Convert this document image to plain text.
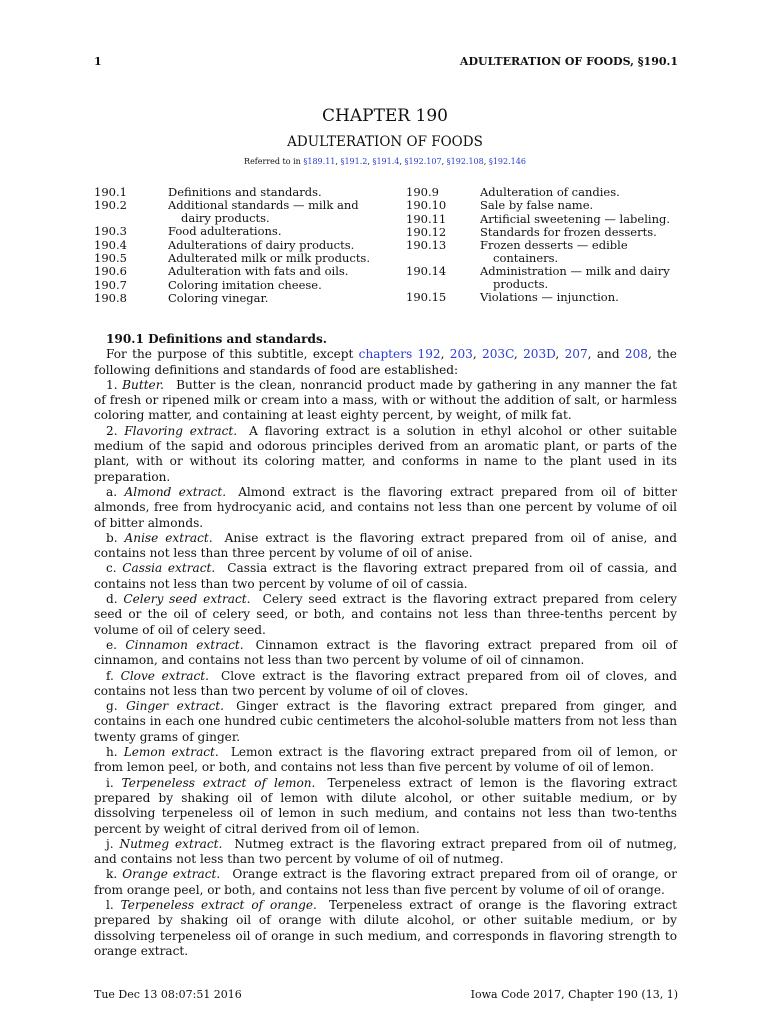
1	ADULTERATION OF FOODS, §190.1
CHAPTER 190
ADULTERATION OF FOODS
Referred to in §189.11, §191.2, §191.4, §192.107, §192.108, §192.146
190.1	Definitions and standards.
190.2	Additional standards — milk and dairy products.
190.3	Food adulterations.
190.4	Adulterations of dairy products.
190.5	Adulterated milk or milk products.
190.6	Adulteration with fats and oils.
190.7	Coloring imitation cheese.
190.8	Coloring vinegar.
190.9	Adulteration of candies.
190.10	Sale by false name.
190.11	Artificial sweetening — labeling.
190.12	Standards for frozen desserts.
190.13	Frozen desserts — edible containers.
190.14	Administration — milk and dairy products.
190.15	Violations — injunction.

190.1 Definitions and standards.

For the purpose of this subtitle, except chapters 192, 203, 203C, 203D, 207, and 208, the following definitions and standards of food are established:

1. Butter.  Butter is the clean, nonrancid product made by gathering in any manner the fat of fresh or ripened milk or cream into a mass, with or without the addition of salt, or harmless coloring matter, and containing at least eighty percent, by weight, of milk fat.

2. Flavoring extract.  A flavoring extract is a solution in ethyl alcohol or other suitable medium of the sapid and odorous principles derived from an aromatic plant, or parts of the plant, with or without its coloring matter, and conforms in name to the plant used in its preparation.

a. Almond extract.  Almond extract is the flavoring extract prepared from oil of bitter almonds, free from hydrocyanic acid, and contains not less than one percent by volume of oil of bitter almonds.

b. Anise extract.  Anise extract is the flavoring extract prepared from oil of anise, and contains not less than three percent by volume of oil of anise.

c. Cassia extract.  Cassia extract is the flavoring extract prepared from oil of cassia, and contains not less than two percent by volume of oil of cassia.

d. Celery seed extract.  Celery seed extract is the flavoring extract prepared from celery seed or the oil of celery seed, or both, and contains not less than three-tenths percent by volume of oil of celery seed.

e. Cinnamon extract.  Cinnamon extract is the flavoring extract prepared from oil of cinnamon, and contains not less than two percent by volume of oil of cinnamon.

f. Clove extract.  Clove extract is the flavoring extract prepared from oil of cloves, and contains not less than two percent by volume of oil of cloves.

g. Ginger extract.  Ginger extract is the flavoring extract prepared from ginger, and contains in each one hundred cubic centimeters the alcohol-soluble matters from not less than twenty grams of ginger.

h. Lemon extract.  Lemon extract is the flavoring extract prepared from oil of lemon, or from lemon peel, or both, and contains not less than five percent by volume of oil of lemon.

i. Terpeneless extract of lemon.  Terpeneless extract of lemon is the flavoring extract prepared by shaking oil of lemon with dilute alcohol, or other suitable medium, or by dissolving terpeneless oil of lemon in such medium, and contains not less than two-tenths percent by weight of citral derived from oil of lemon.

j. Nutmeg extract.  Nutmeg extract is the flavoring extract prepared from oil of nutmeg, and contains not less than two percent by volume of oil of nutmeg.

k. Orange extract.  Orange extract is the flavoring extract prepared from oil of orange, or from orange peel, or both, and contains not less than five percent by volume of oil of orange.

l. Terpeneless extract of orange.  Terpeneless extract of orange is the flavoring extract prepared by shaking oil of orange with dilute alcohol, or other suitable medium, or by dissolving terpeneless oil of orange in such medium, and corresponds in flavoring strength to orange extract.

Tue Dec 13 08:07:51 2016	Iowa Code 2017, Chapter 190 (13, 1)
